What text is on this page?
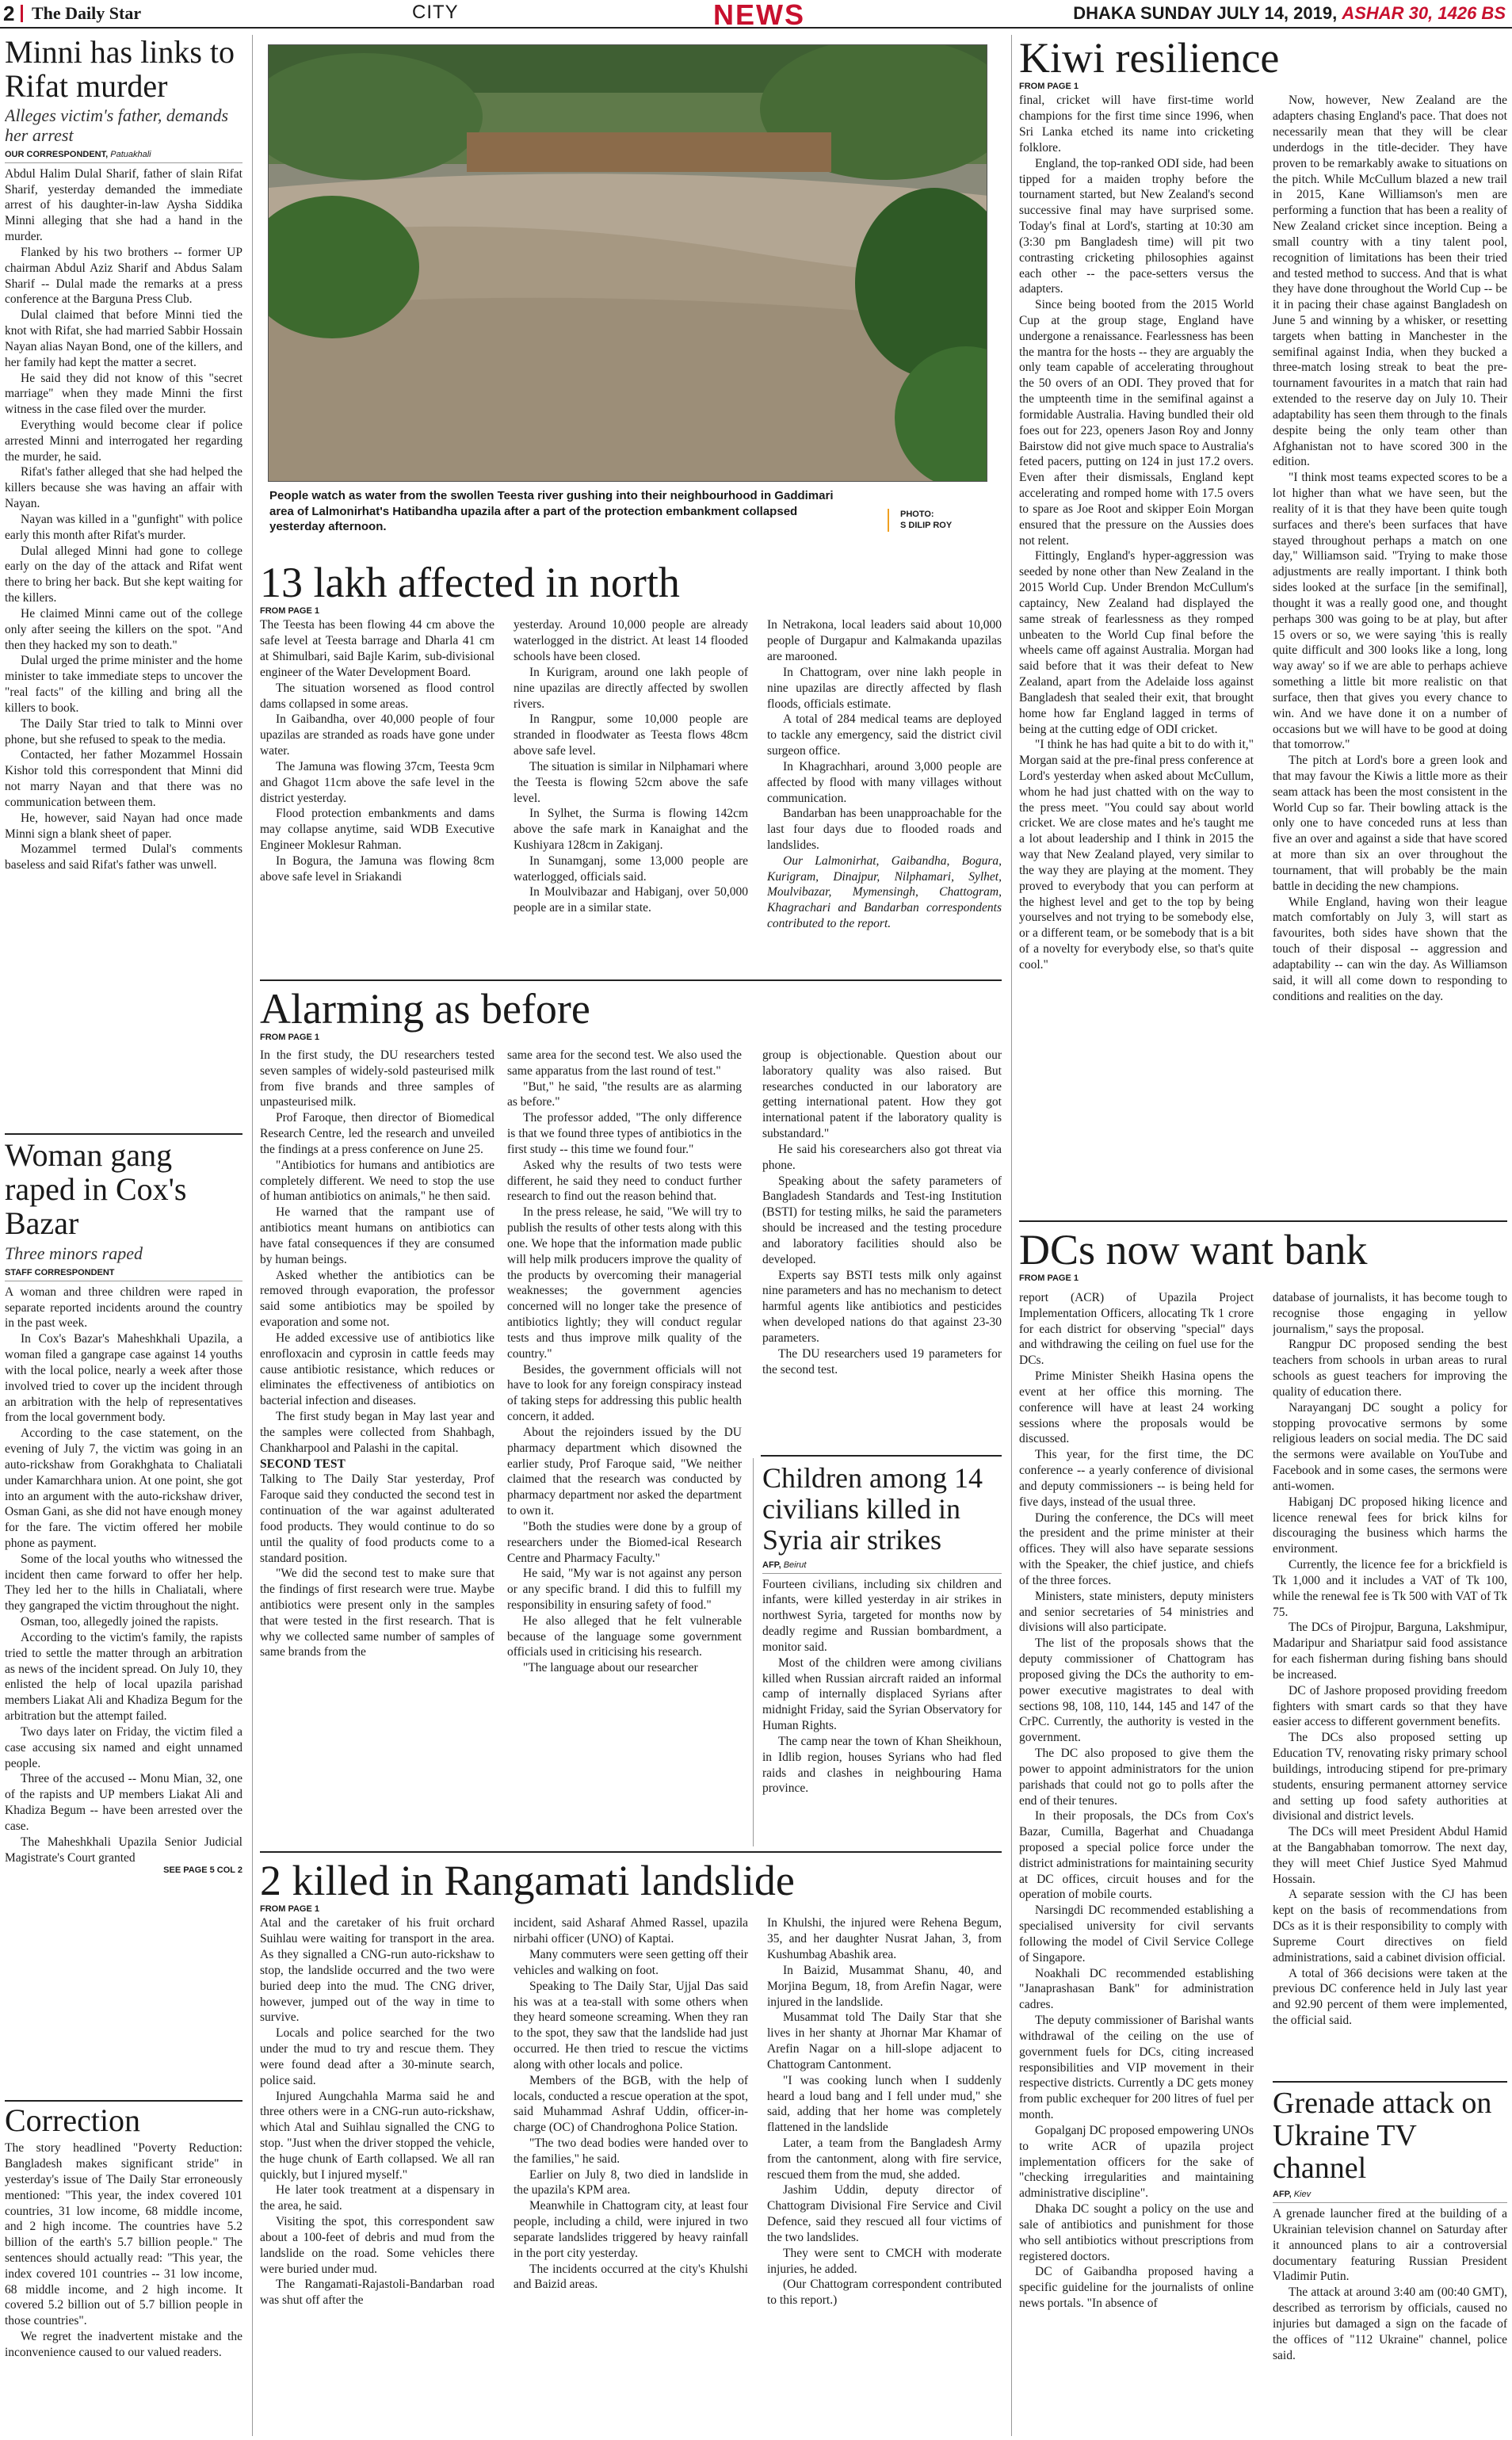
2 The Daily Star	CITY	NEWS	DHAKA SUNDAY JULY 14, 2019, ASHAR 30, 1426 BS
Minni has links to Rifat murder
Alleges victim's father, demands her arrest
OUR CORRESPONDENT, Patuakhali

Abdul Halim Dulal Sharif, father of slain Rifat Sharif, yesterday demanded the immediate arrest of his daughter-in-law Aysha Siddika Minni alleging that she had a hand in the murder.

Flanked by his two brothers -- former UP chairman Abdul Aziz Sharif and Abdus Salam Sharif -- Dulal made the remarks at a press conference at the Barguna Press Club.

Dulal claimed that before Minni tied the knot with Rifat, she had married Sabbir Hossain Nayan alias Nayan Bond, one of the killers, and her family had kept the matter a secret.

He said they did not know of this "secret marriage" when they made Minni the first witness in the case filed over the murder.

Everything would become clear if police arrested Minni and interrogated her regarding the murder, he said.

Rifat's father alleged that she had helped the killers because she was having an affair with Nayan.

Nayan was killed in a "gunfight" with police early this month after Rifat's murder.

Dulal alleged Minni had gone to college early on the day of the attack and Rifat went there to bring her back. But she kept waiting for the killers.

He claimed Minni came out of the college only after seeing the killers on the spot. "And then they hacked my son to death."

Dulal urged the prime minister and the home minister to take immediate steps to uncover the "real facts" of the killing and bring all the killers to book.

The Daily Star tried to talk to Minni over phone, but she refused to speak to the media.

Contacted, her father Mozammel Hossain Kishor told this correspondent that Minni did not marry Nayan and that there was no communication between them.

He, however, said Nayan had once made Minni sign a blank sheet of paper.

Mozammel termed Dulal's comments baseless and said Rifat's father was unwell.

Woman gang raped in Cox's Bazar
Three minors raped
STAFF CORRESPONDENT

A woman and three children were raped in separate reported incidents around the country in the past week.

In Cox's Bazar's Maheshkhali Upazila, a woman filed a gangrape case against 14 youths with the local police, nearly a week after those involved tried to cover up the incident through an arbitration with the help of representatives from the local government body.

According to the case statement, on the evening of July 7, the victim was going in an auto-rickshaw from Gorakhghata to Chaliatali under Kamarchhara union. At one point, she got into an argument with the auto-rickshaw driver, Osman Gani, as she did not have enough money for the fare. The victim offered her mobile phone as payment.

Some of the local youths who witnessed the incident then came forward to offer her help. They led her to the hills in Chaliatali, where they gangraped the victim throughout the night.

Osman, too, allegedly joined the rapists.

According to the victim's family, the rapists tried to settle the matter through an arbitration as news of the incident spread. On July 10, they enlisted the help of local upazila parishad members Liakat Ali and Khadiza Begum for the arbitration but the attempt failed.

Two days later on Friday, the victim filed a case accusing six named and eight unnamed people.

Three of the accused -- Monu Mian, 32, one of the rapists and UP members Liakat Ali and Khadiza Begum -- have been arrested over the case.

The Maheshkhali Upazila Senior Judicial Magistrate's Court granted

SEE PAGE 5 COL 2
Correction

The story headlined "Poverty Reduction: Bangladesh makes significant stride" in yesterday's issue of The Daily Star erroneously mentioned: "This year, the index covered 101 countries, 31 low income, 68 middle income, and 2 high income. The countries have 5.2 billion of the earth's 5.7 billion people." The sentences should actually read: "This year, the index covered 101 countries -- 31 low income, 68 middle income, and 2 high income. It covered 5.2 billion out of 5.7 billion people in those countries".

We regret the inadvertent mistake and the inconvenience caused to our valued readers.

People watch as water from the swollen Teesta river gushing into their neighbourhood in Gaddimari area of Lalmonirhat's Hatibandha upazila after a part of the protection embankment collapsed yesterday afternoon.
PHOTO:
S DILIP ROY
13 lakh affected in north
FROM PAGE 1

The Teesta has been flowing 44 cm above the safe level at Teesta barrage and Dharla 41 cm at Shimulbari, said Bajle Karim, sub-divisional engineer of the Water Development Board.

The situation worsened as flood control dams collapsed in some areas.

In Gaibandha, over 40,000 people of four upazilas are stranded as roads have gone under water.

The Jamuna was flowing 37cm, Teesta 9cm and Ghagot 11cm above the safe level in the district yesterday.

Flood protection embankments and dams may collapse anytime, said WDB Executive Engineer Moklesur Rahman.

In Bogura, the Jamuna was flowing 8cm above safe level in Sriakandi

yesterday. Around 10,000 people are already waterlogged in the district. At least 14 flooded schools have been closed.

In Kurigram, around one lakh people of nine upazilas are directly affected by swollen rivers.

In Rangpur, some 10,000 people are stranded in floodwater as Teesta flows 48cm above safe level.

The situation is similar in Nilphamari where the Teesta is flowing 52cm above the safe level.

In Sylhet, the Surma is flowing 142cm above the safe mark in Kanaighat and the Kushiyara 128cm in Zakiganj.

In Sunamganj, some 13,000 people are waterlogged, officials said.

In Moulvibazar and Habiganj, over 50,000 people are in a similar state.

In Netrakona, local leaders said about 10,000 people of Durgapur and Kalmakanda upazilas are marooned.

In Chattogram, over nine lakh people in nine upazilas are directly affected by flash floods, officials estimate.

A total of 284 medical teams are deployed to tackle any emergency, said the district civil surgeon office.

In Khagrachhari, around 3,000 people are affected by flood with many villages without communication.

Bandarban has been unapproachable for the last four days due to flooded roads and landslides.

Our Lalmonirhat, Gaibandha, Bogura, Kurigram, Dinajpur, Nilphamari, Sylhet, Moulvibazar, Mymensingh, Chattogram, Khagrachari and Bandarban correspondents contributed to the report.

Alarming as before
FROM PAGE 1

In the first study, the DU researchers tested seven samples of widely-sold pasteurised milk from five brands and three samples of unpasteurised milk.

Prof Faroque, then director of Biomedical Research Centre, led the research and unveiled the findings at a press conference on June 25.

"Antibiotics for humans and antibiotics are completely different. We need to stop the use of human antibiotics on animals," he then said.

He warned that the rampant use of antibiotics meant humans on antibiotics can have fatal consequences if they are consumed by human beings.

Asked whether the antibiotics can be removed through evaporation, the professor said some antibiotics may be spoiled by evaporation and some not.

He added excessive use of antibiotics like enrofloxacin and cyprosin in cattle feeds may cause antibiotic resistance, which reduces or eliminates the effectiveness of antibiotics on bacterial infection and diseases.

The first study began in May last year and the samples were collected from Shahbagh, Chankharpool and Palashi in the capital.

SECOND TEST

Talking to The Daily Star yesterday, Prof Faroque said they conducted the second test in continuation of the war against adulterated food products. They would continue to do so until the quality of food products come to a standard position.

"We did the second test to make sure that the findings of first research were true. Maybe antibiotics were present only in the samples that were tested in the first research. That is why we collected same number of samples of same brands from the

same area for the second test. We also used the same apparatus from the last round of test."

"But," he said, "the results are as alarming as before."

The professor added, "The only difference is that we found three types of antibiotics in the first study -- this time we found four."

Asked why the results of two tests were different, he said they need to conduct further research to find out the reason behind that.

In the press release, he said, "We will try to publish the results of other tests along with this one. We hope that the information made public will help milk producers improve the quality of the products by overcoming their managerial weaknesses; the government agencies concerned will no longer take the presence of antibiotics lightly; they will conduct regular tests and thus improve milk quality of the country."

Besides, the government officials will not have to look for any foreign conspiracy instead of taking steps for addressing this public health concern, it added.

About the rejoinders issued by the DU pharmacy department which disowned the earlier study, Prof Faroque said, "We neither claimed that the research was conducted by pharmacy department nor asked the department to own it.

"Both the studies were done by a group of researchers under the Biomed-ical Research Centre and Pharmacy Faculty."

He said, "My war is not against any person or any specific brand. I did this to fulfill my responsibility in ensuring safety of food."

He also alleged that he felt vulnerable because of the language some government officials used in criticising his research.

"The language about our researcher

group is objectionable. Question about our laboratory quality was also raised. But researches conducted in our laboratory are getting international patent. How they got international patent if the laboratory quality is substandard."

He said his coresearchers also got threat via phone.

Speaking about the safety parameters of Bangladesh Standards and Test-ing Institution (BSTI) for testing milks, he said the parameters should be increased and the testing procedure and laboratory facilities should also be developed.

Experts say BSTI tests milk only against nine parameters and has no mechanism to detect harmful agents like antibiotics and pesticides when developed nations do that against 23-30 parameters.

The DU researchers used 19 parameters for the second test.

Children among 14 civilians killed in Syria air strikes
AFP, Beirut

Fourteen civilians, including six children and infants, were killed yesterday in air strikes in northwest Syria, targeted for months now by deadly regime and Russian bombardment, a monitor said.

Most of the children were among civilians killed when Russian aircraft raided an informal camp of internally displaced Syrians after midnight Friday, said the Syrian Observatory for Human Rights.

The camp near the town of Khan Sheikhoun, in Idlib region, houses Syrians who had fled raids and clashes in neighbouring Hama province.

2 killed in Rangamati landslide
FROM PAGE 1

Atal and the caretaker of his fruit orchard Suihlau were waiting for transport in the area. As they signalled a CNG-run auto-rickshaw to stop, the landslide occurred and the two were buried deep into the mud. The CNG driver, however, jumped out of the way in time to survive.

Locals and police searched for the two under the mud to try and rescue them. They were found dead after a 30-minute search, police said.

Injured Aungchahla Marma said he and three others were in a CNG-run auto-rickshaw, which Atal and Suihlau signalled the CNG to stop. "Just when the driver stopped the vehicle, the huge chunk of Earth collapsed. We all ran quickly, but I injured myself."

He later took treatment at a dispensary in the area, he said.

Visiting the spot, this correspondent saw about a 100-feet of debris and mud from the landslide on the road. Some vehicles there were buried under mud.

The Rangamati-Rajastoli-Bandarban road was shut off after the

incident, said Asharaf Ahmed Rassel, upazila nirbahi officer (UNO) of Kaptai.

Many commuters were seen getting off their vehicles and walking on foot.

Speaking to The Daily Star, Ujjal Das said his was at a tea-stall with some others when they heard someone screaming. When they ran to the spot, they saw that the landslide had just occurred. He then tried to rescue the victims along with other locals and police.

Members of the BGB, with the help of locals, conducted a rescue operation at the spot, said Muhammad Ashraf Uddin, officer-in-charge (OC) of Chandroghona Police Station.

"The two dead bodies were handed over to the families," he said.

Earlier on July 8, two died in landslide in the upazila's KPM area.

Meanwhile in Chattogram city, at least four people, including a child, were injured in two separate landslides triggered by heavy rainfall in the port city yesterday.

The incidents occurred at the city's Khulshi and Baizid areas.

In Khulshi, the injured were Rehena Begum, 35, and her daughter Nusrat Jahan, 3, from Kushumbag Abashik area.

In Baizid, Musammat Shanu, 40, and Morjina Begum, 18, from Arefin Nagar, were injured in the landslide.

Musammat told The Daily Star that she lives in her shanty at Jhornar Mar Khamar of Arefin Nagar on a hill-slope adjacent to Chattogram Cantonment.

"I was cooking lunch when I suddenly heard a loud bang and I fell under mud," she said, adding that her home was completely flattened in the landslide

Later, a team from the Bangladesh Army from the cantonment, along with fire service, rescued them from the mud, she added.

Jashim Uddin, deputy director of Chattogram Divisional Fire Service and Civil Defence, said they rescued all four victims of the two landslides.

They were sent to CMCH with moderate injuries, he added.

(Our Chattogram correspondent contributed to this report.)

Kiwi resilience
FROM PAGE 1

final, cricket will have first-time world champions for the first time since 1996, when Sri Lanka etched its name into cricketing folklore.

England, the top-ranked ODI side, had been tipped for a maiden trophy before the tournament started, but New Zealand's second successive final may have surprised some. Today's final at Lord's, starting at 10:30 am (3:30 pm Bangladesh time) will pit two contrasting cricketing philosophies against each other -- the pace-setters versus the adapters.

Since being booted from the 2015 World Cup at the group stage, England have undergone a renaissance. Fearlessness has been the mantra for the hosts -- they are arguably the only team capable of accelerating throughout the 50 overs of an ODI. They proved that for the umpteenth time in the semifinal against a formidable Australia. Having bundled their old foes out for 223, openers Jason Roy and Jonny Bairstow did not give much space to Australia's feted pacers, putting on 124 in just 17.2 overs. Even after their dismissals, England kept accelerating and romped home with 17.5 overs to spare as Joe Root and skipper Eoin Morgan ensured that the pressure on the Aussies does not relent.

Fittingly, England's hyper-aggression was seeded by none other than New Zealand in the 2015 World Cup. Under Brendon McCullum's captaincy, New Zealand had displayed the same streak of fearlessness as they romped unbeaten to the World Cup final before the wheels came off against Australia. Morgan had said before that it was their defeat to New Zealand, apart from the Adelaide loss against Bangladesh that sealed their exit, that brought home how far England lagged in terms of being at the cutting edge of ODI cricket.

"I think he has had quite a bit to do with it," Morgan said at the pre-final press conference at Lord's yesterday when asked about McCullum, whom he had just chatted with on the way to the press meet. "You could say about world cricket. We are close mates and he's taught me a lot about leadership and I think in 2015 the way that New Zealand played, very similar to the way they are playing at the moment. They proved to everybody that you can perform at the highest level and get to the top by being yourselves and not trying to be somebody else, or a different team, or be somebody that is a bit of a novelty for everybody else, so that's quite cool."

Now, however, New Zealand are the adapters chasing England's pace. That does not necessarily mean that they will be clear underdogs in the title-decider. They have proven to be remarkably awake to situations on the pitch. While McCullum blazed a new trail in 2015, Kane Williamson's men are performing a function that has been a reality of New Zealand cricket since inception. Being a small country with a tiny talent pool, recognition of limitations has been their tried and tested method to success. And that is what they have done throughout the World Cup -- be it in pacing their chase against Bangladesh on June 5 and winning by a whisker, or resetting targets when batting in Manchester in the semifinal against India, when they bucked a three-match losing streak to beat the pre-tournament favourites in a match that rain had extended to the reserve day on July 10. Their adaptability has seen them through to the finals despite being the only team other than Afghanistan not to have scored 300 in the edition.

"I think most teams expected scores to be a lot higher than what we have seen, but the reality of it is that they have been quite tough surfaces and there's been surfaces that have stayed throughout perhaps a match on one day," Williamson said. "Trying to make those adjustments are really important. I think both sides looked at the surface [in the semifinal], thought it was a really good one, and thought perhaps 300 was going to be at play, but after 15 overs or so, we were saying 'this is really quite difficult and 300 looks like a long, long way away' so if we are able to perhaps achieve something a little bit more realistic on that surface, then that gives you every chance to win. And we have done it on a number of occasions but we will have to be good at doing that tomorrow."

The pitch at Lord's bore a green look and that may favour the Kiwis a little more as their seam attack has been the most consistent in the World Cup so far. Their bowling attack is the only one to have conceded runs at less than five an over and against a side that have scored at more than six an over throughout the tournament, that will probably be the main battle in deciding the new champions.

While England, having won their league match comfortably on July 3, will start as favourites, both sides have shown that the touch of their disposal -- aggression and adaptability -- can win the day. As Williamson said, it will all come down to responding to conditions and realities on the day.

DCs now want bank
FROM PAGE 1

report (ACR) of Upazila Project Implementation Officers, allocating Tk 1 crore for each district for observing "special" days and withdrawing the ceiling on fuel use for the DCs.

Prime Minister Sheikh Hasina opens the event at her office this morning. The conference will have at least 24 working sessions where the proposals would be discussed.

This year, for the first time, the DC conference -- a yearly conference of divisional and deputy commissioners -- is being held for five days, instead of the usual three.

During the conference, the DCs will meet the president and the prime minister at their offices. They will also have separate sessions with the Speaker, the chief justice, and chiefs of the three forces.

Ministers, state ministers, deputy ministers and senior secretaries of 54 ministries and divisions will also participate.

The list of the proposals shows that the deputy commissioner of Chattogram has proposed giving the DCs the authority to em-power executive magistrates to deal with sections 98, 108, 110, 144, 145 and 147 of the CrPC. Currently, the authority is vested in the government.

The DC also proposed to give them the power to appoint administrators for the union parishads that could not go to polls after the end of their tenures.

In their proposals, the DCs from Cox's Bazar, Cumilla, Bagerhat and Chuadanga proposed a special police force under the district administrations for maintaining security at DC offices, circuit houses and for the operation of mobile courts.

Narsingdi DC recommended establishing a specialised university for civil servants following the model of Civil Service College of Singapore.

Noakhali DC recommended establishing "Janaprashasan Bank" for administration cadres.

The deputy commissioner of Barishal wants withdrawal of the ceiling on the use of government fuels for DCs, citing increased responsibilities and VIP movement in their respective districts. Currently a DC gets money from public exchequer for 200 litres of fuel per month.

Gopalganj DC proposed empowering UNOs to write ACR of upazila project implementation officers for the sake of "checking irregularities and maintaining administrative discipline".

Dhaka DC sought a policy on the use and sale of antibiotics and punishment for those who sell antibiotics without prescriptions from registered doctors.

DC of Gaibandha proposed having a specific guideline for the journalists of online news portals. "In absence of

database of journalists, it has become tough to recognise those engaging in yellow journalism," says the proposal.

Rangpur DC proposed sending the best teachers from schools in urban areas to rural schools as guest teachers for improving the quality of education there.

Narayanganj DC sought a policy for stopping provocative sermons by some religious leaders on social media. The DC said the sermons were available on YouTube and Facebook and in some cases, the sermons were anti-women.

Habiganj DC proposed hiking licence and licence renewal fees for brick kilns for discouraging the business which harms the environment.

Currently, the licence fee for a brickfield is Tk 1,000 and it includes a VAT of Tk 100, while the renewal fee is Tk 500 with VAT of Tk 75.

The DCs of Pirojpur, Barguna, Lakshmipur, Madaripur and Shariatpur said food assistance for each fisherman during fishing bans should be increased.

DC of Jashore proposed providing freedom fighters with smart cards so that they have easier access to different government benefits.

The DCs also proposed setting up Education TV, renovating risky primary school buildings, introducing stipend for pre-primary students, ensuring permanent attorney service and setting up food safety authorities at divisional and district levels.

The DCs will meet President Abdul Hamid at the Bangabhaban tomorrow. The next day, they will meet Chief Justice Syed Mahmud Hossain.

A separate session with the CJ has been kept on the basis of recommendations from DCs as it is their responsibility to comply with Supreme Court directives on field administrations, said a cabinet division official.

A total of 366 decisions were taken at the previous DC conference held in July last year and 92.90 percent of them were implemented, the official said.

Grenade attack on Ukraine TV channel
AFP, Kiev

A grenade launcher fired at the building of a Ukrainian television channel on Saturday after it announced plans to air a controversial documentary featuring Russian President Vladimir Putin.

The attack at around 3:40 am (00:40 GMT), described as terrorism by officials, caused no injuries but damaged a sign on the facade of the offices of "112 Ukraine" channel, police said.
